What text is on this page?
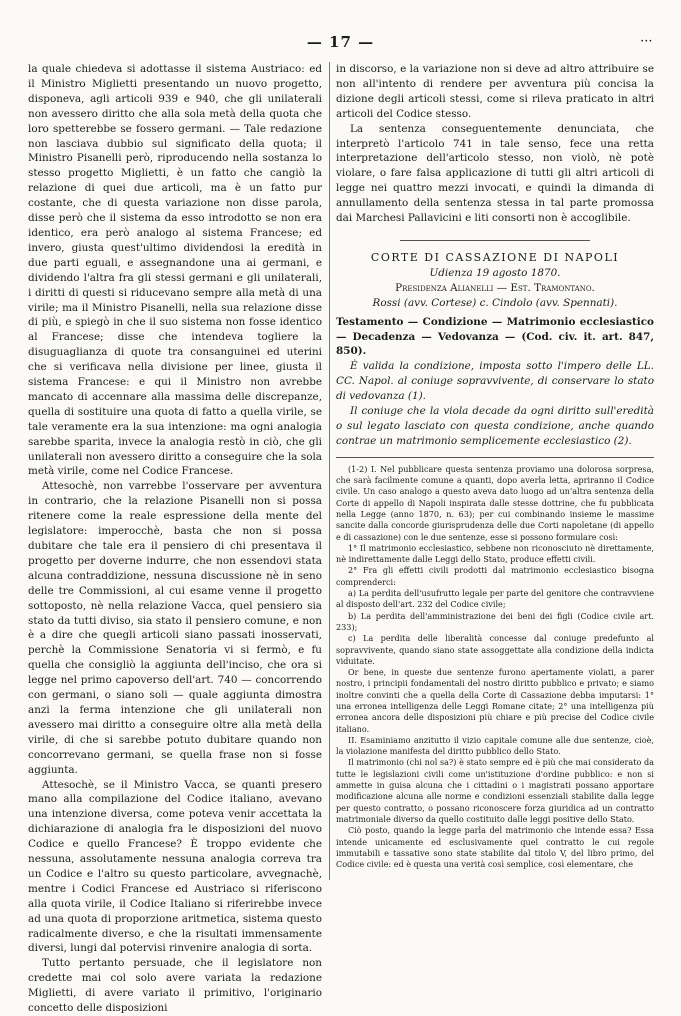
— 17 —	···

la quale chiedeva si adottasse il sistema Austriaco: ed il Ministro Miglietti presentando un nuovo progetto, disponeva, agli articoli 939 e 940, che gli unilaterali non avessero diritto che alla sola metà della quota che loro spetterebbe se fossero germani. — Tale redazione non lasciava dubbio sul significato della quota; il Ministro Pisanelli però, riproducendo nella sostanza lo stesso progetto Miglietti, è un fatto che cangiò la relazione di quei due articoli, ma è un fatto pur costante, che di questa variazione non disse parola, disse però che il sistema da esso introdotto se non era identico, era però analogo al sistema Francese; ed invero, giusta quest'ultimo dividendosi la eredità in due parti eguali, e assegnandone una ai germani, e dividendo l'altra fra gli stessi germani e gli unilaterali, i diritti di questi si riducevano sempre alla metà di una virile; ma il Ministro Pisanelli, nella sua relazione disse di più, e spiegò in che il suo sistema non fosse identico al Francese; disse che intendeva togliere la disuguaglianza di quote tra consanguinei ed uterini che si verificava nella divisione per linee, giusta il sistema Francese: e qui il Ministro non avrebbe mancato di accennare alla massima delle discrepanze, quella di sostituire una quota di fatto a quella virile, se tale veramente era la sua intenzione: ma ogni analogia sarebbe sparita, invece la analogia restò in ciò, che gli unilaterali non avessero diritto a conseguire che la sola metà virile, come nel Codice Francese.

Attesochè, non varrebbe l'osservare per avventura in contrario, che la relazione Pisanelli non si possa ritenere come la reale espressione della mente del legislatore: imperocchè, basta che non si possa dubitare che tale era il pensiero di chi presentava il progetto per doverne indurre, che non essendovi stata alcuna contraddizione, nessuna discussione nè in seno delle tre Commissioni, al cui esame venne il progetto sottoposto, nè nella relazione Vacca, quel pensiero sia stato da tutti diviso, sia stato il pensiero comune, e non è a dire che quegli articoli siano passati inosservati, perchè la Commissione Senatoria vi si fermò, e fu quella che consigliò la aggiunta dell'inciso, che ora si legge nel primo capoverso dell'art. 740 — concorrendo con germani, o siano soli — quale aggiunta dimostra anzi la ferma intenzione che gli unilaterali non avessero mai diritto a conseguire oltre alla metà della virile, di che si sarebbe potuto dubitare quando non concorrevano germani, se quella frase non si fosse aggiunta.

Attesochè, se il Ministro Vacca, se quanti presero mano alla compilazione del Codice italiano, avevano una intenzione diversa, come poteva venir accettata la dichiarazione di analogia fra le disposizioni del nuovo Codice e quello Francese? È troppo evidente che nessuna, assolutamente nessuna analogia correva tra un Codice e l'altro su questo particolare, avvegnachè, mentre i Codici Francese ed Austriaco si riferiscono alla quota virile, il Codice Italiano si riferirebbe invece ad una quota di proporzione aritmetica, sistema questo radicalmente diverso, e che la risultati immensamente diversi, lungi dal potervisi rinvenire analogia di sorta.

Tutto pertanto persuade, che il legislatore non credette mai col solo avere variata la redazione Miglietti, di avere variato il primitivo, l'originario concetto delle disposizioni

in discorso, e la variazione non si deve ad altro attribuire se non all'intento di rendere per avventura più concisa la dizione degli articoli stessi, come si rileva praticato in altri articoli del Codice stesso.

La sentenza conseguentemente denunciata, che interpretò l'articolo 741 in tale senso, fece una retta interpretazione dell'articolo stesso, non violò, nè potè violare, o fare falsa applicazione di tutti gli altri articoli di legge nei quattro mezzi invocati, e quindi la dimanda di annullamento della sentenza stessa in tal parte promossa dai Marchesi Pallavicini e liti consorti non è accoglibile.

CORTE DI CASSAZIONE DI NAPOLI
Udienza 19 agosto 1870.
Presidenza Alianelli — Est. Tramontano.
Rossi (avv. Cortese) c. Cindolo (avv. Spennati).

Testamento — Condizione — Matrimonio ecclesiastico — Decadenza — Vedovanza — (Cod. civ. it. art. 847, 850).

È valida la condizione, imposta sotto l'impero delle LL. CC. Napol. al coniuge sopravvivente, di conservare lo stato di vedovanza (1).

Il coniuge che la viola decade da ogni diritto sull'eredità o sul legato lasciato con questa condizione, anche quando contrae un matrimonio semplicemente ecclesiastico (2).

(1-2) I. Nel pubblicare questa sentenza proviamo una dolorosa sorpresa, che sarà facilmente comune a quanti, dopo averla letta, apriranno il Codice civile. Un caso analogo a questo aveva dato luogo ad un'altra sentenza della Corte di appello di Napoli inspirata dalle stesse dottrine, che fu pubblicata nella Legge (anno 1870, n. 63); per cui combinando insieme le massime sancite dalla concorde giurisprudenza delle due Corti napoletane (di appello e di cassazione) con le due sentenze, esse si possono formulare così:

1° Il matrimonio ecclesiastico, sebbene non riconosciuto nè direttamente, nè indirettamente dalle Leggi dello Stato, produce effetti civili.

2° Fra gli effetti civili prodotti dal matrimonio ecclesiastico bisogna comprenderci:

a) La perdita dell'usufrutto legale per parte del genitore che contravviene al disposto dell'art. 232 del Codice civile;

b) La perdita dell'amministrazione dei beni dei figli (Codice civile art. 233);

c) La perdita delle liberalità concesse dal coniuge predefunto al sopravvivente, quando siano state assoggettate alla condizione della indicta viduitate.

Or bene, in queste due sentenze furono apertamente violati, a parer nostro, i principii fondamentali del nostro diritto pubblico e privato; e siamo inoltre convinti che a quella della Corte di Cassazione debba imputarsi: 1° una erronea intelligenza delle Leggi Romane citate; 2° una intelligenza più erronea ancora delle disposizioni più chiare e più precise del Codice civile italiano.

II. Esaminiamo anzitutto il vizio capitale comune alle due sentenze, cioè, la violazione manifesta del diritto pubblico dello Stato.

Il matrimonio (chi nol sa?) è stato sempre ed è più che mai considerato da tutte le legislazioni civili come un'istituzione d'ordine pubblico: e non si ammette in guisa alcuna che i cittadini o i magistrati possano apportare modificazione alcuna alle norme e condizioni essenziali stabilite dalla legge per questo contratto, o possano riconoscere forza giuridica ad un contratto matrimoniale diverso da quello costituito dalle leggi positive dello Stato.

Ciò posto, quando la legge parla del matrimonio che intende essa? Essa intende unicamente ed esclusivamente quel contratto le cui regole immutabili e tassative sono state stabilite dal titolo V, del libro primo, del Codice civile: ed è questa una verità così semplice, così elementare, che
